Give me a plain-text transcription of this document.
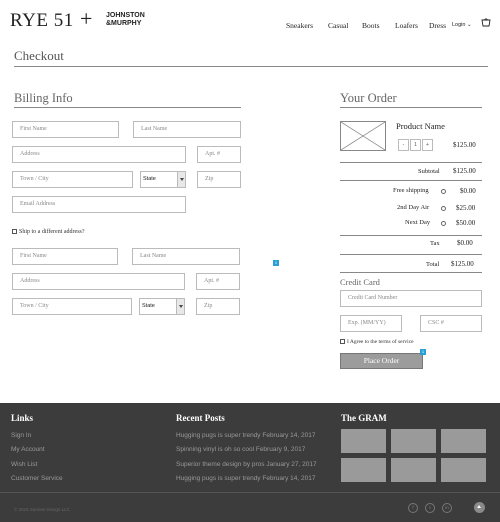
RYE 51 + JOHNSTON
&MURPHY	Sneakers Casual Boots Loafers Dress Login ⌄
Checkout
Billing Info
First Name	Last Name
Address	Apt. #
Town / City	State	Zip
Email Address
Ship to a different address?
1
First Name	Last Name
Address	Apt. #
Town / City	State	Zip
Your Order
Product Name
-	1	+	$125.00
Subtotal $125.00
Free shipping	$0.00
2nd Day Air	$25.00
Next Day	$50.00
Tax $0.00
Total $125.00
Credit Card
Credit Card Number
Exp. (MM/YY)	CSC #
I Agree to the terms of service
Place Order
1
Links
Sign In
My Account
Wish List
Customer Service
Recent Posts
Hugging pugs is super trendy February 14, 2017
Spinning vinyl is oh so cool February 9, 2017
Superior theme design by pros January 27, 2017
Hugging pugs is super trendy February 14, 2017
The GRAM
© 2016 Sunrise Design LLC	f	t	in
